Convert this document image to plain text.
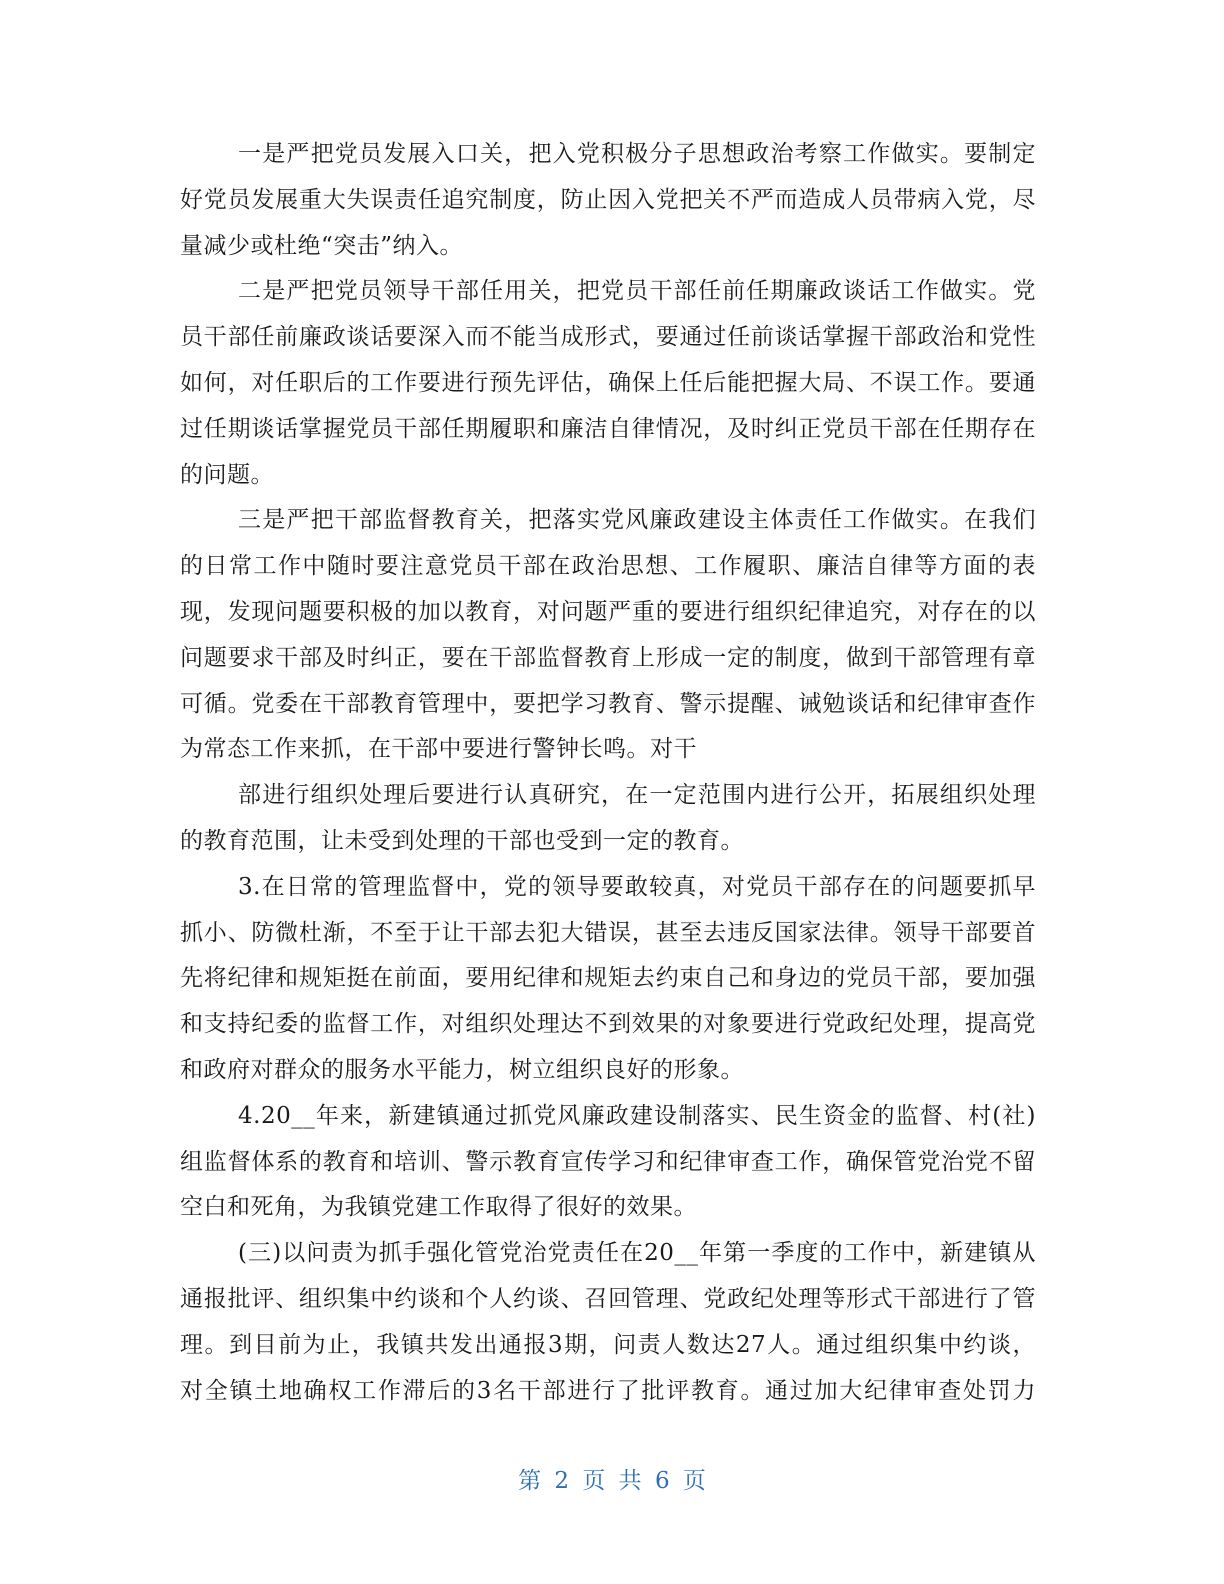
一是严把党员发展入口关，把入党积极分子思想政治考察工作做实。要制定
好党员发展重大失误责任追究制度，防止因入党把关不严而造成人员带病入党，尽
量减少或杜绝“突击”纳入。
二是严把党员领导干部任用关，把党员干部任前任期廉政谈话工作做实。党
员干部任前廉政谈话要深入而不能当成形式，要通过任前谈话掌握干部政治和党性
如何，对任职后的工作要进行预先评估，确保上任后能把握大局、不误工作。要通
过任期谈话掌握党员干部任期履职和廉洁自律情况，及时纠正党员干部在任期存在
的问题。
三是严把干部监督教育关，把落实党风廉政建设主体责任工作做实。在我们
的日常工作中随时要注意党员干部在政治思想、工作履职、廉洁自律等方面的表
现，发现问题要积极的加以教育，对问题严重的要进行组织纪律追究，对存在的以
问题要求干部及时纠正，要在干部监督教育上形成一定的制度，做到干部管理有章
可循。党委在干部教育管理中，要把学习教育、警示提醒、诫勉谈话和纪律审查作
为常态工作来抓，在干部中要进行警钟长鸣。对干
部进行组织处理后要进行认真研究，在一定范围内进行公开，拓展组织处理
的教育范围，让未受到处理的干部也受到一定的教育。
3.在日常的管理监督中，党的领导要敢较真，对党员干部存在的问题要抓早
抓小、防微杜渐，不至于让干部去犯大错误，甚至去违反国家法律。领导干部要首
先将纪律和规矩挺在前面，要用纪律和规矩去约束自己和身边的党员干部，要加强
和支持纪委的监督工作，对组织处理达不到效果的对象要进行党政纪处理，提高党
和政府对群众的服务水平能力，树立组织良好的形象。
4.20__年来，新建镇通过抓党风廉政建设制落实、民生资金的监督、村(社)
组监督体系的教育和培训、警示教育宣传学习和纪律审查工作，确保管党治党不留
空白和死角，为我镇党建工作取得了很好的效果。
(三)以问责为抓手强化管党治党责任在20__年第一季度的工作中，新建镇从
通报批评、组织集中约谈和个人约谈、召回管理、党政纪处理等形式干部进行了管
理。到目前为止，我镇共发出通报3期，问责人数达27人。通过组织集中约谈，
对全镇土地确权工作滞后的3名干部进行了批评教育。通过加大纪律审查处罚力
第 2 页 共 6 页
